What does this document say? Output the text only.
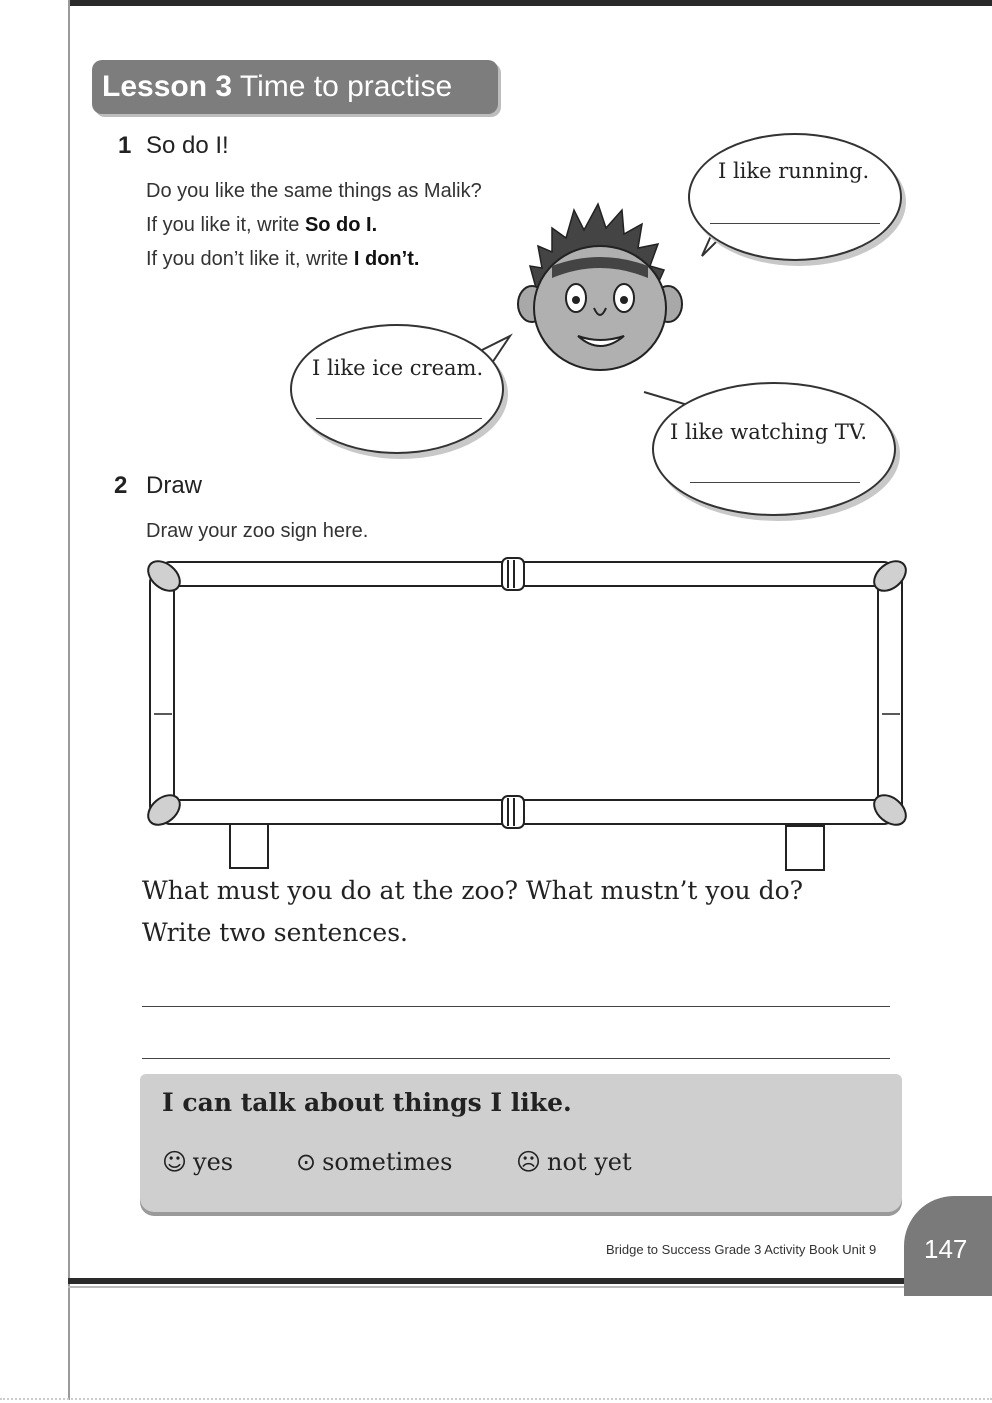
Lesson 3 Time to practise
1 So do I!
Do you like the same things as Malik?
If you like it, write So do I.
If you don’t like it, write I don’t.
I like running.
I like ice cream.
I like watching TV.
2 Draw
Draw your zoo sign here.
What must you do at the zoo? What mustn’t you do?
Write two sentences.
I can talk about things I like.
☺ yes	⊙ sometimes	☹ not yet
Bridge to Success Grade 3 Activity Book Unit 9 147
